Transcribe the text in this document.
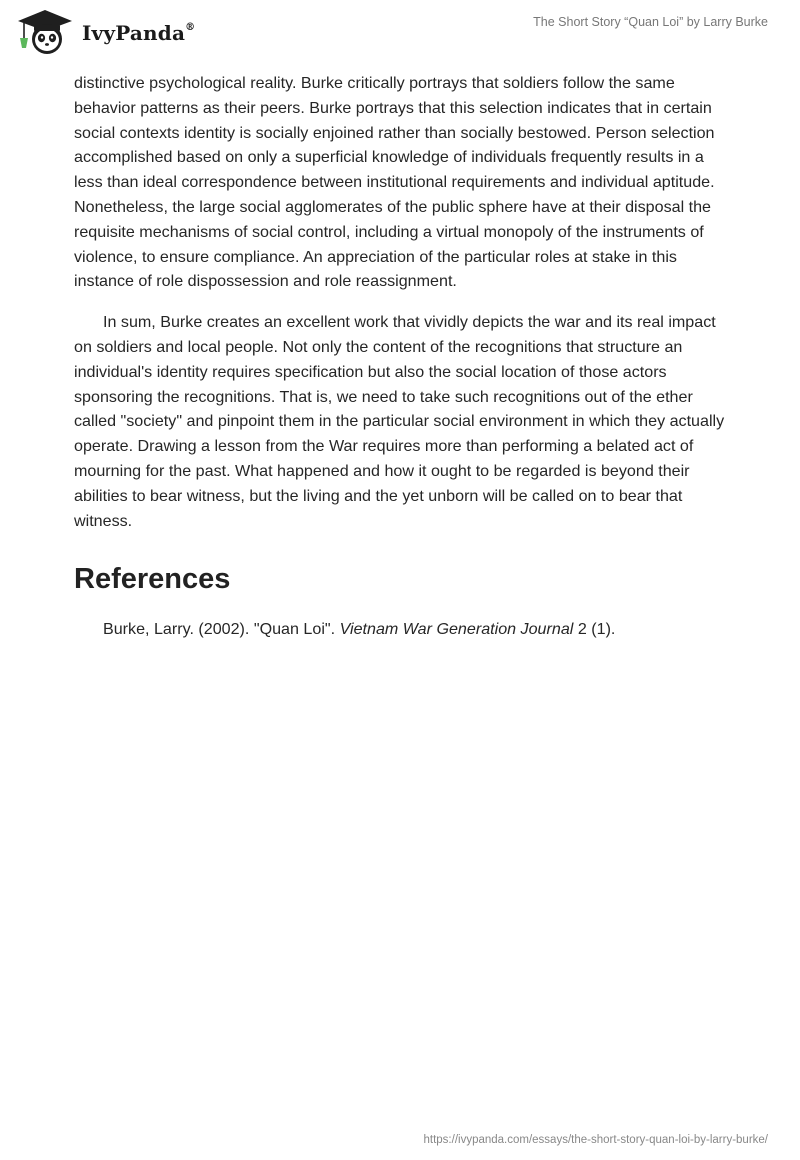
IvyPanda®	The Short Story “Quan Loi” by Larry Burke

distinctive psychological reality. Burke critically portrays that soldiers follow the same behavior patterns as their peers. Burke portrays that this selection indicates that in certain social contexts identity is socially enjoined rather than socially bestowed. Person selection accomplished based on only a superficial knowledge of individuals frequently results in a less than ideal correspondence between institutional requirements and individual aptitude. Nonetheless, the large social agglomerates of the public sphere have at their disposal the requisite mechanisms of social control, including a virtual monopoly of the instruments of violence, to ensure compliance. An appreciation of the particular roles at stake in this instance of role dispossession and role reassignment.

In sum, Burke creates an excellent work that vividly depicts the war and its real impact on soldiers and local people. Not only the content of the recognitions that structure an individual's identity requires specification but also the social location of those actors sponsoring the recognitions. That is, we need to take such recognitions out of the ether called "society" and pinpoint them in the particular social environment in which they actually operate. Drawing a lesson from the War requires more than performing a belated act of mourning for the past. What happened and how it ought to be regarded is beyond their abilities to bear witness, but the living and the yet unborn will be called on to bear that witness.

References

Burke, Larry. (2002). "Quan Loi". Vietnam War Generation Journal 2 (1).

https://ivypanda.com/essays/the-short-story-quan-loi-by-larry-burke/
